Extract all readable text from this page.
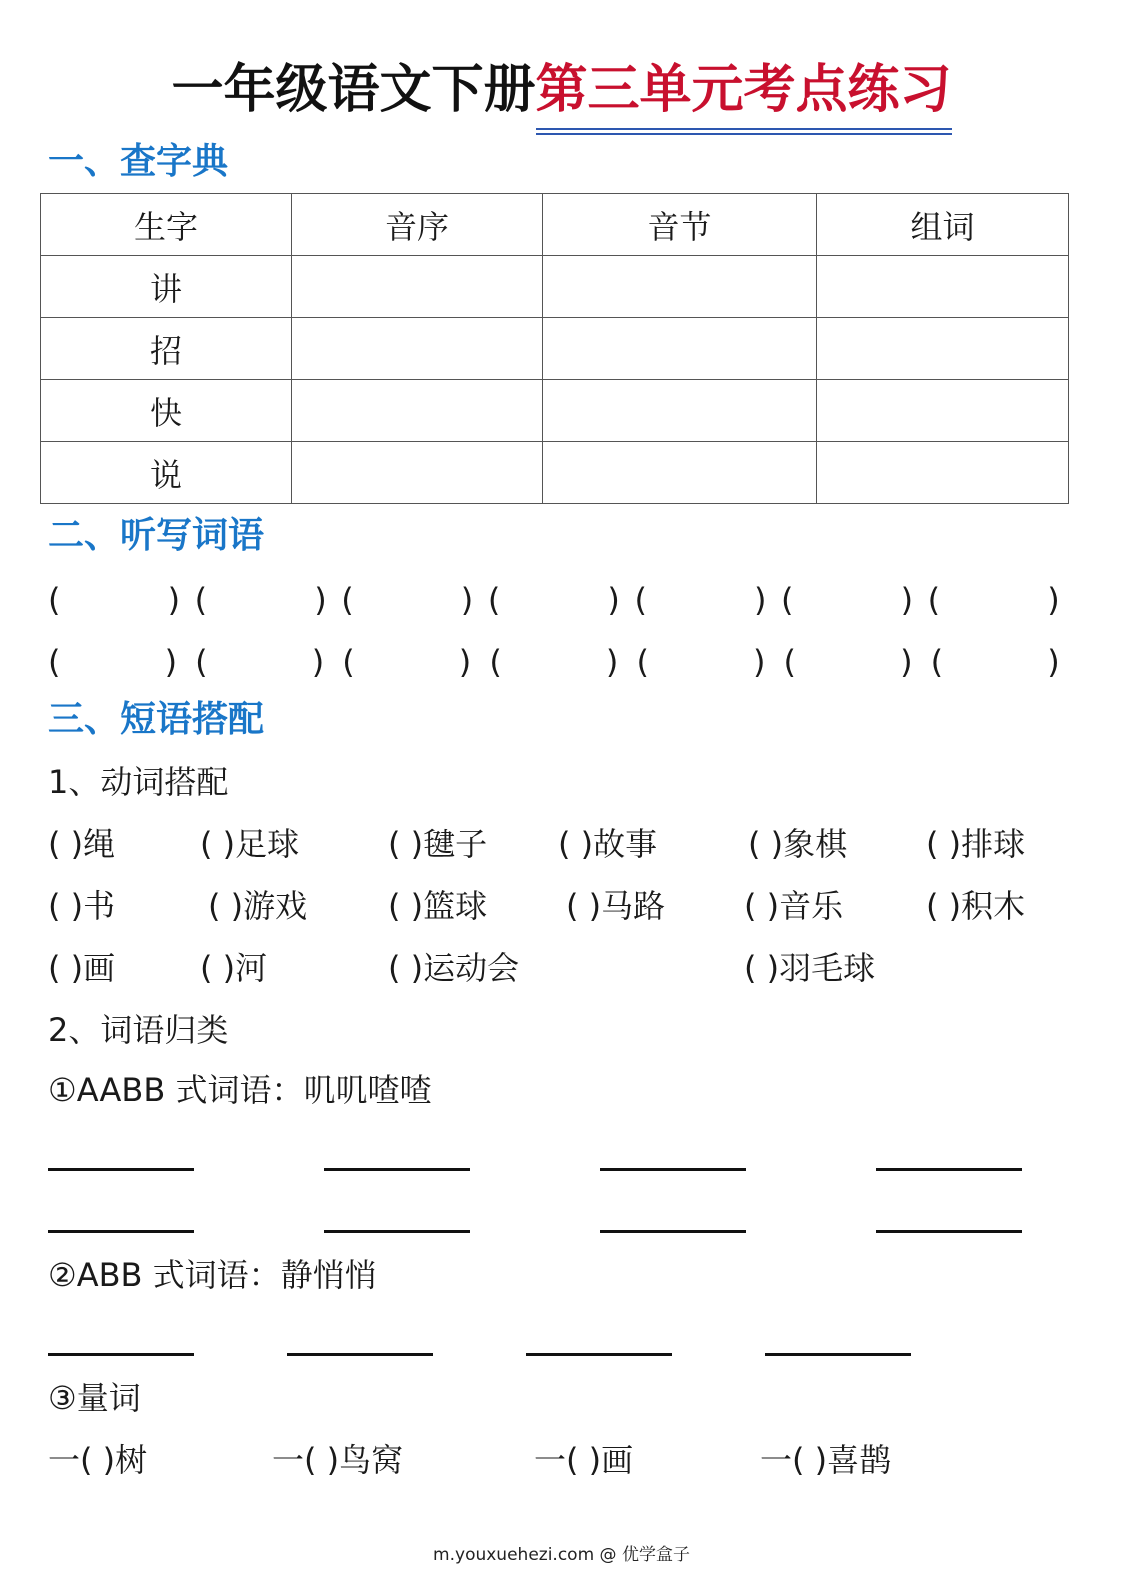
一年级语文下册第三单元考点练习
一、查字典
生字	音序	音节	组词
讲			
招			
快			
说			
二、听写词语
(	) (	) (	) (	) (	) (	) (	)
(	) (	) (	) (	) (	) (	) (	)
三、短语搭配
1、动词搭配
( )绳	( )足球	( )毽子 ( )故事	( )象棋 ( )排球
( )书	( )游戏	( )篮球 ( )马路 ( )音乐	( )积木
( )画	( )河	( )运动会	( )羽毛球
2、词语归类
①AABB 式词语：叽叽喳喳
②ABB 式词语：静悄悄
③量词
一( )树	一( )鸟窝	一( )画	一( )喜鹊
m.youxuehezi.com @ 优学盒子
